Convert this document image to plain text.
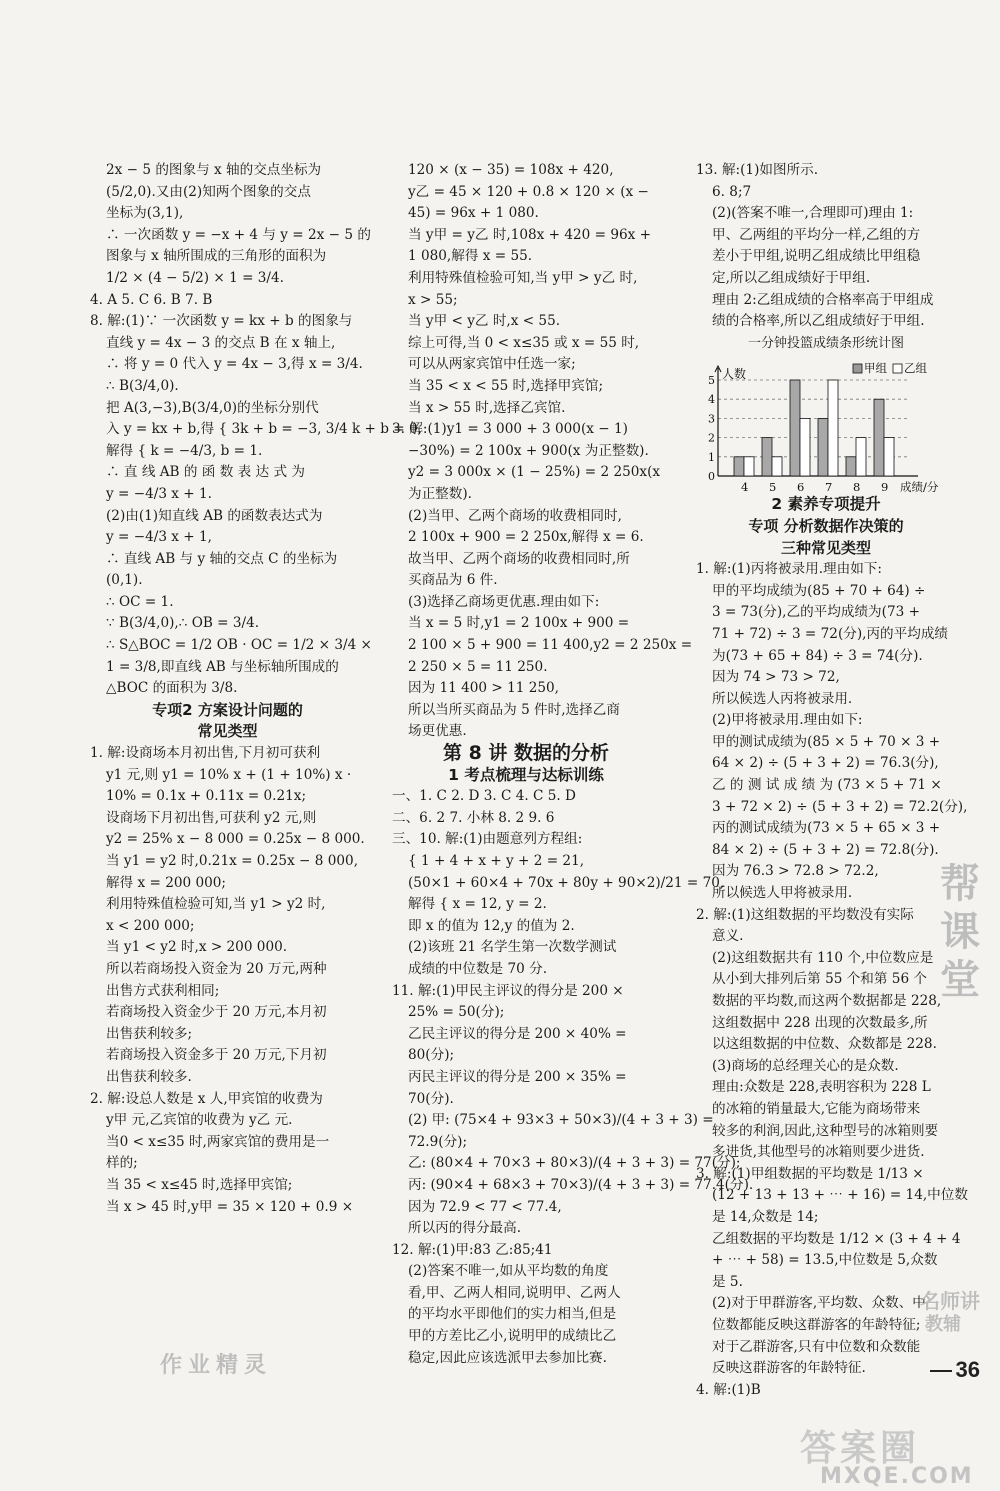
2x − 5 的图象与 x 轴的交点坐标为

(5/2,0).又由(2)知两个图象的交点

坐标为(3,1),

∴ 一次函数 y = −x + 4 与 y = 2x − 5 的

图象与 x 轴所围成的三角形的面积为

1/2 × (4 − 5/2) × 1 = 3/4.

4. A 5. C 6. B 7. B

8. 解:(1)∵ 一次函数 y = kx + b 的图象与

直线 y = 4x − 3 的交点 B 在 x 轴上,

∴ 将 y = 0 代入 y = 4x − 3,得 x = 3/4.

∴ B(3/4,0).

把 A(3,−3),B(3/4,0)的坐标分别代

入 y = kx + b,得 { 3k + b = −3, 3/4 k + b = 0,

解得 { k = −4/3, b = 1.

∴ 直 线 AB 的 函 数 表 达 式 为

y = −4/3 x + 1.

(2)由(1)知直线 AB 的函数表达式为

y = −4/3 x + 1,

∴ 直线 AB 与 y 轴的交点 C 的坐标为

(0,1).

∴ OC = 1.

∵ B(3/4,0),∴ OB = 3/4.

∴ S△BOC = 1/2 OB · OC = 1/2 × 3/4 ×

1 = 3/8,即直线 AB 与坐标轴所围成的

△BOC 的面积为 3/8.

专项2 方案设计问题的

常见类型

1. 解:设商场本月初出售,下月初可获利

y1 元,则 y1 = 10% x + (1 + 10%) x ·

10% = 0.1x + 0.11x = 0.21x;

设商场下月初出售,可获利 y2 元,则

y2 = 25% x − 8 000 = 0.25x − 8 000.

当 y1 = y2 时,0.21x = 0.25x − 8 000,

解得 x = 200 000;

利用特殊值检验可知,当 y1 > y2 时,

x < 200 000;

当 y1 < y2 时,x > 200 000.

所以若商场投入资金为 20 万元,两种

出售方式获利相同;

若商场投入资金少于 20 万元,本月初

出售获利较多;

若商场投入资金多于 20 万元,下月初

出售获利较多.

2. 解:设总人数是 x 人,甲宾馆的收费为

y甲 元,乙宾馆的收费为 y乙 元.

当0 < x≤35 时,两家宾馆的费用是一

样的;

当 35 < x≤45 时,选择甲宾馆;

当 x > 45 时,y甲 = 35 × 120 + 0.9 ×

120 × (x − 35) = 108x + 420,

y乙 = 45 × 120 + 0.8 × 120 × (x −

45) = 96x + 1 080.

当 y甲 = y乙 时,108x + 420 = 96x +

1 080,解得 x = 55.

利用特殊值检验可知,当 y甲 > y乙 时,

x > 55;

当 y甲 < y乙 时,x < 55.

综上可得,当 0 < x≤35 或 x = 55 时,

可以从两家宾馆中任选一家;

当 35 < x < 55 时,选择甲宾馆;

当 x > 55 时,选择乙宾馆.

3. 解:(1)y1 = 3 000 + 3 000(x − 1)

−30%) = 2 100x + 900(x 为正整数).

y2 = 3 000x × (1 − 25%) = 2 250x(x

为正整数).

(2)当甲、乙两个商场的收费相同时,

2 100x + 900 = 2 250x,解得 x = 6.

故当甲、乙两个商场的收费相同时,所

买商品为 6 件.

(3)选择乙商场更优惠.理由如下:

当 x = 5 时,y1 = 2 100x + 900 =

2 100 × 5 + 900 = 11 400,y2 = 2 250x =

2 250 × 5 = 11 250.

因为 11 400 > 11 250,

所以当所买商品为 5 件时,选择乙商

场更优惠.

第 8 讲 数据的分析

1 考点梳理与达标训练

一、1. C 2. D 3. C 4. C 5. D

二、6. 2 7. 小林 8. 2 9. 6

三、10. 解:(1)由题意列方程组:

{ 1 + 4 + x + y + 2 = 21,

(50×1 + 60×4 + 70x + 80y + 90×2)/21 = 70,

解得 { x = 12, y = 2.

即 x 的值为 12,y 的值为 2.

(2)该班 21 名学生第一次数学测试

成绩的中位数是 70 分.

11. 解:(1)甲民主评议的得分是 200 ×

25% = 50(分);

乙民主评议的得分是 200 × 40% =

80(分);

丙民主评议的得分是 200 × 35% =

70(分).

(2) 甲: (75×4 + 93×3 + 50×3)/(4 + 3 + 3) =

72.9(分);

乙: (80×4 + 70×3 + 80×3)/(4 + 3 + 3) = 77(分);

丙: (90×4 + 68×3 + 70×3)/(4 + 3 + 3) = 77.4(分).

因为 72.9 < 77 < 77.4,

所以丙的得分最高.

12. 解:(1)甲:83 乙:85;41

(2)答案不唯一,如从平均数的角度

看,甲、乙两人相同,说明甲、乙两人

的平均水平即他们的实力相当,但是

甲的方差比乙小,说明甲的成绩比乙

稳定,因此应该选派甲去参加比赛.

13. 解:(1)如图所示.

6. 8;7

(2)(答案不唯一,合理即可)理由 1:

甲、乙两组的平均分一样,乙组的方

差小于甲组,说明乙组成绩比甲组稳

定,所以乙组成绩好于甲组.

理由 2:乙组成绩的合格率高于甲组成

绩的合格率,所以乙组成绩好于甲组.

一分钟投篮成绩条形统计图

0
1
2
3
4
5 人数
成绩/分
甲组 乙组
4 5 6 7 8 9

2 素养专项提升

专项 分析数据作决策的

三种常见类型

1. 解:(1)丙将被录用.理由如下:

甲的平均成绩为(85 + 70 + 64) ÷

3 = 73(分),乙的平均成绩为(73 +

71 + 72) ÷ 3 = 72(分),丙的平均成绩

为(73 + 65 + 84) ÷ 3 = 74(分).

因为 74 > 73 > 72,

所以候选人丙将被录用.

(2)甲将被录用.理由如下:

甲的测试成绩为(85 × 5 + 70 × 3 +

64 × 2) ÷ (5 + 3 + 2) = 76.3(分),

乙 的 测 试 成 绩 为 (73 × 5 + 71 ×

3 + 72 × 2) ÷ (5 + 3 + 2) = 72.2(分),

丙的测试成绩为(73 × 5 + 65 × 3 +

84 × 2) ÷ (5 + 3 + 2) = 72.8(分).

因为 76.3 > 72.8 > 72.2,

所以候选人甲将被录用.

2. 解:(1)这组数据的平均数没有实际

意义.

(2)这组数据共有 110 个,中位数应是

从小到大排列后第 55 个和第 56 个

数据的平均数,而这两个数据都是 228,

这组数据中 228 出现的次数最多,所

以这组数据的中位数、众数都是 228.

(3)商场的总经理关心的是众数.

理由:众数是 228,表明容积为 228 L

的冰箱的销量最大,它能为商场带来

较多的利润,因此,这种型号的冰箱则要

多进货,其他型号的冰箱则要少进货.

3. 解:(1)甲组数据的平均数是 1/13 ×

(12 + 13 + 13 + ⋯ + 16) = 14,中位数

是 14,众数是 14;

乙组数据的平均数是 1/12 × (3 + 4 + 4

+ ⋯ + 58) = 13.5,中位数是 5,众数

是 5.

(2)对于甲群游客,平均数、众数、中

位数都能反映这群游客的年龄特征;

对于乙群游客,只有中位数和众数能

反映这群游客的年龄特征.

4. 解:(1)B

36
答案圈
MXQE.COM
作业精灵
帮课堂
名师讲
教辅
